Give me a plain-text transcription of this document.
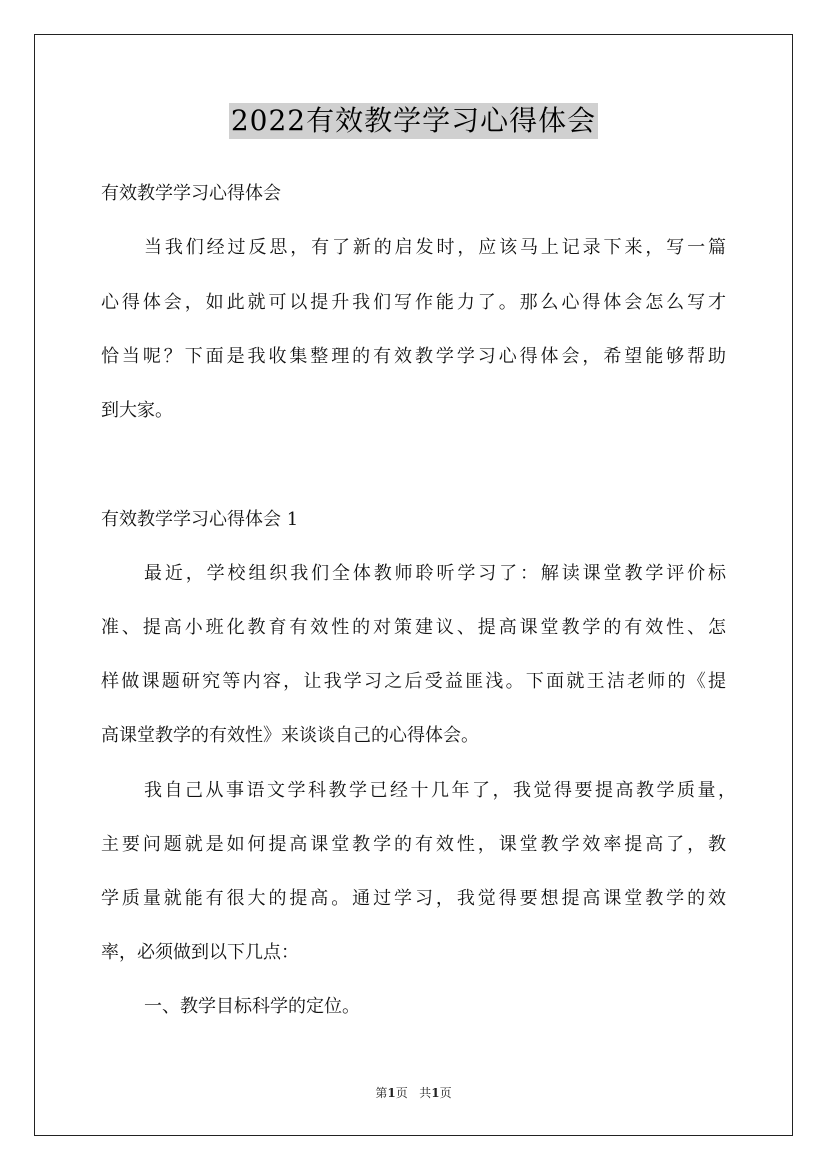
2022有效教学学习心得体会
有效教学学习心得体会
当我们经过反思，有了新的启发时，应该马上记录下来，写一篇
心得体会，如此就可以提升我们写作能力了。那么心得体会怎么写才
恰当呢？下面是我收集整理的有效教学学习心得体会，希望能够帮助
到大家。
有效教学学习心得体会 1
最近，学校组织我们全体教师聆听学习了：解读课堂教学评价标
准、提高小班化教育有效性的对策建议、提高课堂教学的有效性、怎
样做课题研究等内容，让我学习之后受益匪浅。下面就王洁老师的《提
高课堂教学的有效性》来谈谈自己的心得体会。
我自己从事语文学科教学已经十几年了，我觉得要提高教学质量，
主要问题就是如何提高课堂教学的有效性，课堂教学效率提高了，教
学质量就能有很大的提高。通过学习，我觉得要想提高课堂教学的效
率，必须做到以下几点：
一、教学目标科学的定位。
第1页 共1页
